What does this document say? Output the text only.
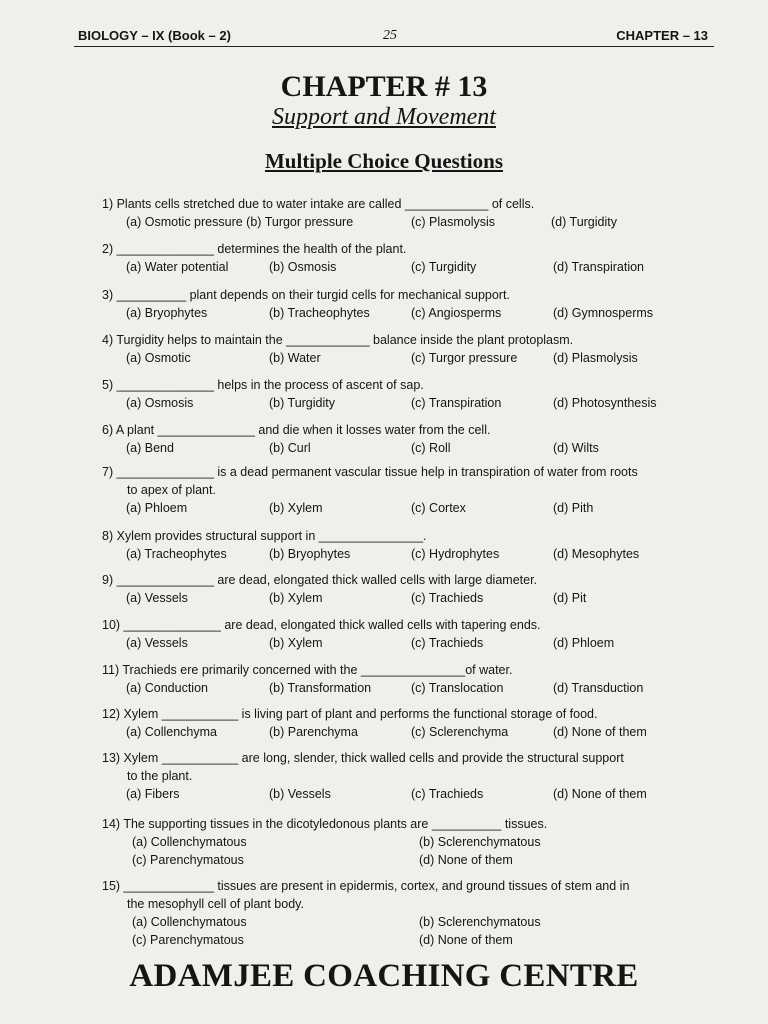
BIOLOGY – IX (Book – 2)	25	CHAPTER – 13
CHAPTER # 13
Support and Movement
Multiple Choice Questions
1) Plants cells stretched due to water intake are called ____________ of cells.
(a) Osmotic pressure (b) Turgor pressure	(c) Plasmolysis	(d) Turgidity
2) ______________ determines the health of the plant.
(a) Water potential	(b) Osmosis	(c) Turgidity	(d) Transpiration
3) __________ plant depends on their turgid cells for mechanical support.
(a) Bryophytes	(b) Tracheophytes	(c) Angiosperms	(d) Gymnosperms
4) Turgidity helps to maintain the ____________ balance inside the plant protoplasm.
(a) Osmotic	(b) Water	(c) Turgor pressure	(d) Plasmolysis
5) ______________ helps in the process of ascent of sap.
(a) Osmosis	(b) Turgidity	(c) Transpiration	(d) Photosynthesis
6) A plant ______________ and die when it losses water from the cell.
(a) Bend	(b) Curl	(c) Roll	(d) Wilts
7) ______________ is a dead permanent vascular tissue help in transpiration of water from roots
to apex of plant.
(a) Phloem	(b) Xylem	(c) Cortex	(d) Pith
8) Xylem provides structural support in _______________.
(a) Tracheophytes	(b) Bryophytes	(c) Hydrophytes	(d) Mesophytes
9) ______________ are dead, elongated thick walled cells with large diameter.
(a) Vessels	(b) Xylem	(c) Trachieds	(d) Pit
10) ______________ are dead, elongated thick walled cells with tapering ends.
(a) Vessels	(b) Xylem	(c) Trachieds	(d) Phloem
11) Trachieds ere primarily concerned with the _______________of water.
(a) Conduction	(b) Transformation	(c) Translocation	(d) Transduction
12) Xylem ___________ is living part of plant and performs the functional storage of food.
(a) Collenchyma	(b) Parenchyma	(c) Sclerenchyma	(d) None of them
13) Xylem ___________ are long, slender, thick walled cells and provide the structural support
to the plant.
(a) Fibers	(b) Vessels	(c) Trachieds	(d) None of them
14) The supporting tissues in the dicotyledonous plants are __________ tissues.
(a) Collenchymatous	(b) Sclerenchymatous
(c) Parenchymatous	(d) None of them
15) _____________ tissues are present in epidermis, cortex, and ground tissues of stem and in
the mesophyll cell of plant body.
(a) Collenchymatous	(b) Sclerenchymatous
(c) Parenchymatous	(d) None of them
ADAMJEE COACHING CENTRE
